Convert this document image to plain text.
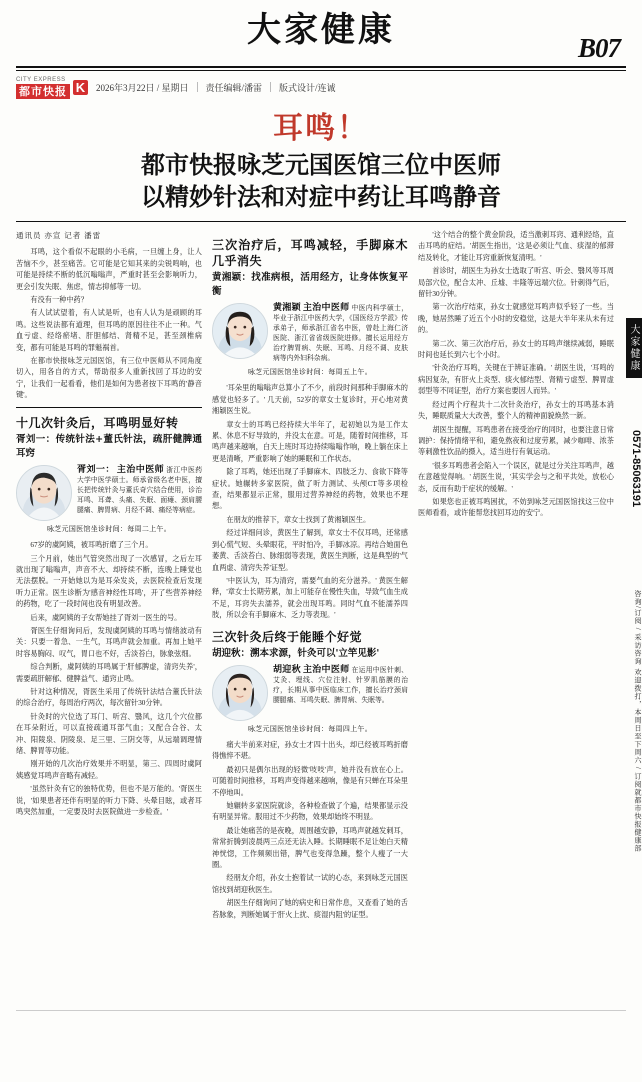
大家健康	B07
CITY EXPRESS
都市快报 K	2026年3月22日 / 星期日 责任编辑/潘雷 版式设计/连诚
耳鸣！
都市快报咏芝元国医馆三位中医师
以精妙针法和对症中药让耳鸣静音
通讯员 亦宣 记者 潘雷

耳鸣，这个看似不起眼的小毛病，一旦缠上身，让人苦恼不少，甚至痛苦。它可能是它知其来的尖锐鸣响，也可能是持续不断的低沉嗡嗡声，严重时甚至会影响听力，更会引发失眠、焦虑，情志抑郁等一切。

有没有一种中药？

有人试试望着，有人试是听，也有人认为是顽顾的耳鸣。这些说法都有道理，但耳鸣的原因往往不止一种。气血亏虚、经络瘀堵、肝胆郁结、肾精不足，甚至颈椎病变，都有可能是耳鸣的罪魁祸首。

在都市快报咏芝元国医馆，有三位中医师从不同角度切入，用各自的方式，帮助很多人重新找回了耳边的安宁，让我们一起看看，他们是如何为患者按下耳鸣的'静音键'。

十几次针灸后，耳鸣明显好转
胥刘一：传统针法+董氏针法，疏肝健脾通耳窍
胥刘一： 主治中医师 浙江中医药大学中医学硕士。师承省级名老中医，擅长把传统针灸与董氏奇穴结合使用，诊治耳鸣、耳聋、头痛、失眠、面瘫、颈肩腰腿痛、脾胃病、月经不调、痛经等病症。
咏芝元国医馆坐诊时间：每周二上午。

67岁的虞阿姨，被耳鸣折磨了三个月。

三个月前，她出气管突然出现了一次感冒，之后左耳就出现了嗡嗡声，声音不大、却持续不断，连晚上睡觉也无法摆脱。一开始她以为是耳朵发炎，去医院检查后发现听力正常。医生诊断为'感音神经性耳鸣'，开了些营养神经的药物，吃了一段时间也没有明显改善。

后来，虞阿姨的子女帮她挂了胥刘一医生的号。

胥医生仔细询问后，发现虞阿姨的耳鸣与情绪波动有关：只要一着急、一生气，耳鸣声就会加重。再加上她平时容易胸闷、叹气，胃口也不好，舌淡苔白，脉象弦细。

综合判断，虞阿姨的耳鸣属于'肝郁脾虚，清窍失养'，需要疏肝解郁、健脾益气、通窍止鸣。

针对这种情况，胥医生采用了传统针法结合董氏针法的综合治疗，每周治疗两次，每次留针30分钟。

针灸时的穴位选了耳门、听宫、翳风，这几个穴位都在耳朵附近，可以直接疏通耳部气血；又配合合谷、太冲、阳陵泉、阴陵泉、足三里、三阴交等，从远端调理情绪、脾胃等功能。

刚开始的几次治疗效果并不明显，第三、四周时虞阿姨感觉耳鸣声音略有减轻。

'虽然针灸有它的独特优势，但也不是万能的。'胥医生说，'如果患者还伴有明显的听力下降、头晕目眩，或者耳鸣突然加重，一定要及时去医院做进一步检查。'

三次治疗后，耳鸣减轻，手脚麻木几乎消失
黄湘颖：找准病根，活用经方，让身体恢复平衡
黄湘颖 主治中医师 中医内科学硕士，毕业于浙江中医药大学，《国医经方学派》传承弟子，师承浙江省名中医，曾赴上海仁济医院、浙江省省级医院进修。擅长运用经方治疗脾胃病、失眠、耳鸣、月经不调、皮肤病等内外妇科杂病。
咏芝元国医馆坐诊时间：每周五上午。

'耳朵里的嗡嗡声总算小了不少，前段时间那种手脚麻木的感觉也轻多了。' 几天前，52岁的章女士复诊时，开心地对黄湘颖医生说。

章女士的耳鸣已经持续大半年了，起初她以为是工作太累、休息不好导致的，并没太在意。可是，随着时间推移，耳鸣声越来越响，白天上班时耳边持续嗡嗡作响，晚上躺在床上更是清晰，严重影响了她的睡眠和工作状态。

除了耳鸣，她还出现了手脚麻木、四肢乏力、食欲下降等症状。她辗转多家医院，做了听力测试、头颅CT等多项检查，结果都显示正常，服用过营养神经的药物，效果也不理想。

在朋友的推荐下，章女士找到了黄湘颖医生。

经过详细问诊，黄医生了解到，章女士不仅耳鸣，还常感到心慌气短、头晕眼花，平时怕冷，手脚冰凉。再结合她面色萎黄、舌淡苔白、脉细弱等表现，黄医生判断，这是典型的'气血两虚、清窍失养'证型。

'中医认为，耳为清窍，需要气血的充分滋养。' 黄医生解释，'章女士长期劳累，加上可能存在慢性失血，导致气血生成不足，耳窍失去濡养，就会出现耳鸣。同时气血不能濡养四肢，所以会有手脚麻木、乏力等表现。'

三次针灸后终于能睡个好觉
胡迎秋：溯本求源，针灸可以'立竿见影'
胡迎秋 主治中医师 在运用中医针刺、艾灸、埋线、穴位注射、针罗肌筋膜的治疗，长期从事中医临床工作，擅长治疗颈肩腰腿痛、耳鸣失眠、脾胃病、失眠等。
咏芝元国医馆坐诊时间：每周四上午。

痛大半前来对症，孙女士才四十出头，却已经被耳鸣折磨得憔悴不堪。

最初只是偶尔出现的轻微'吱吱'声，她并没有放在心上。可随着时间推移，耳鸣声变得越来越响，像是有只蝉在耳朵里不停地叫。

她辗转多家医院就诊，各种检查做了个遍，结果都显示没有明显异常。服用过不少药物，效果却始终不明显。

最让她痛苦的是夜晚，周围越安静，耳鸣声就越发刺耳，常常折腾到凌晨两三点还无法入睡。长期睡眠不足让她白天精神恍惚，工作频频出错，脾气也变得急躁，整个人瘦了一大圈。

经朋友介绍，孙女士抱着试一试的心态，来到咏芝元国医馆找到胡迎秋医生。

胡医生仔细询问了她的病史和日常作息，又查看了她的舌苔脉象，判断她属于'肝火上扰、痰湿内阻'的证型。

'这个结合的整个黄金阶段，适当激刺耳窍、通利经络，直击耳鸣的症结。'胡医生指出，'这是必须让气血、痰湿的郁滞结及转化，才能让耳窍重新恢复清明。'

首诊时，胡医生为孙女士选取了听宫、听会、翳风等耳周局部穴位，配合太冲、丘墟、丰隆等远端穴位。针刺得气后，留针30分钟。

第一次治疗结束，孙女士就感觉耳鸣声似乎轻了一些。当晚，她居然睡了近五个小时的安稳觉，这是大半年来从未有过的。

第二次、第三次治疗后，孙女士的耳鸣声继续减弱，睡眠时间也延长到六七个小时。

'针灸治疗耳鸣，关键在于辨证准确。' 胡医生说，'耳鸣的病因复杂，有肝火上炎型、痰火郁结型、肾精亏虚型、脾胃虚弱型等不同证型，治疗方案也要因人而异。'

经过两个疗程共十二次针灸治疗，孙女士的耳鸣基本消失，睡眠质量大大改善，整个人的精神面貌焕然一新。

胡医生提醒，耳鸣患者在接受治疗的同时，也要注意日常调护：保持情绪平和，避免熬夜和过度劳累，减少咖啡、浓茶等刺激性饮品的摄入，适当进行有氧运动。

'很多耳鸣患者会陷入一个误区，就是过分关注耳鸣声，越在意越觉得响。' 胡医生说，'其实学会与之和平共处，放松心态，反而有助于症状的缓解。'

如果您也正被耳鸣困扰，不妨到咏芝元国医馆找这三位中医师看看，或许能帮您找回耳边的安宁。

大家健康
0571-85063191
咨询/订阅 / 采访咨询 欢迎拨打，本周日至下周六 / 订阅就都市快报健康部
